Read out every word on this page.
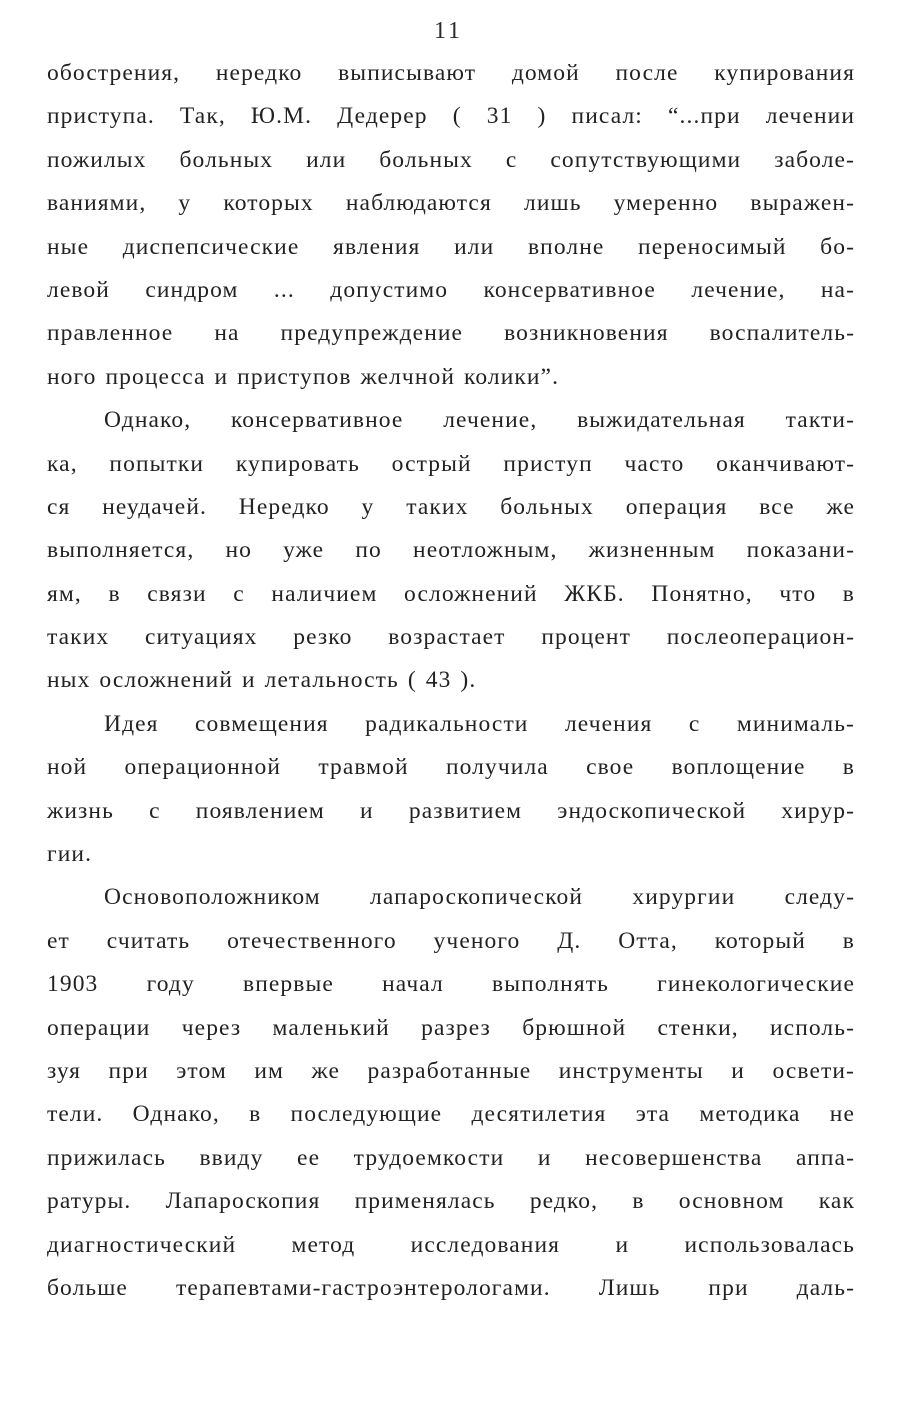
11

обострения, нередко выписывают домой после купирования
приступа. Так, Ю.М. Дедерер ( 31 ) писал: “...при лечении
пожилых больных или больных с сопутствующими заболе-
ваниями, у которых наблюдаются лишь умеренно выражен-
ные диспепсические явления или вполне переносимый бо-
левой синдром ... допустимо консервативное лечение, на-
правленное на предупреждение возникновения воспалитель-
ного процесса и приступов желчной колики”.

Однако, консервативное лечение, выжидательная такти-
ка, попытки купировать острый приступ часто оканчивают-
ся неудачей. Нередко у таких больных операция все же
выполняется, но уже по неотложным, жизненным показани-
ям, в связи с наличием осложнений ЖКБ. Понятно, что в
таких ситуациях резко возрастает процент послеоперацион-
ных осложнений и летальность ( 43 ).

Идея совмещения радикальности лечения с минималь-
ной операционной травмой получила свое воплощение в
жизнь с появлением и развитием эндоскопической хирур-
гии.

Основоположником лапароскопической хирургии следу-
ет считать отечественного ученого Д. Отта, который в
1903 году впервые начал выполнять гинекологические
операции через маленький разрез брюшной стенки, исполь-
зуя при этом им же разработанные инструменты и освети-
тели. Однако, в последующие десятилетия эта методика не
прижилась ввиду ее трудоемкости и несовершенства аппа-
ратуры. Лапароскопия применялась редко, в основном как
диагностический метод исследования и использовалась
больше терапевтами-гастроэнтерологами. Лишь при даль-
